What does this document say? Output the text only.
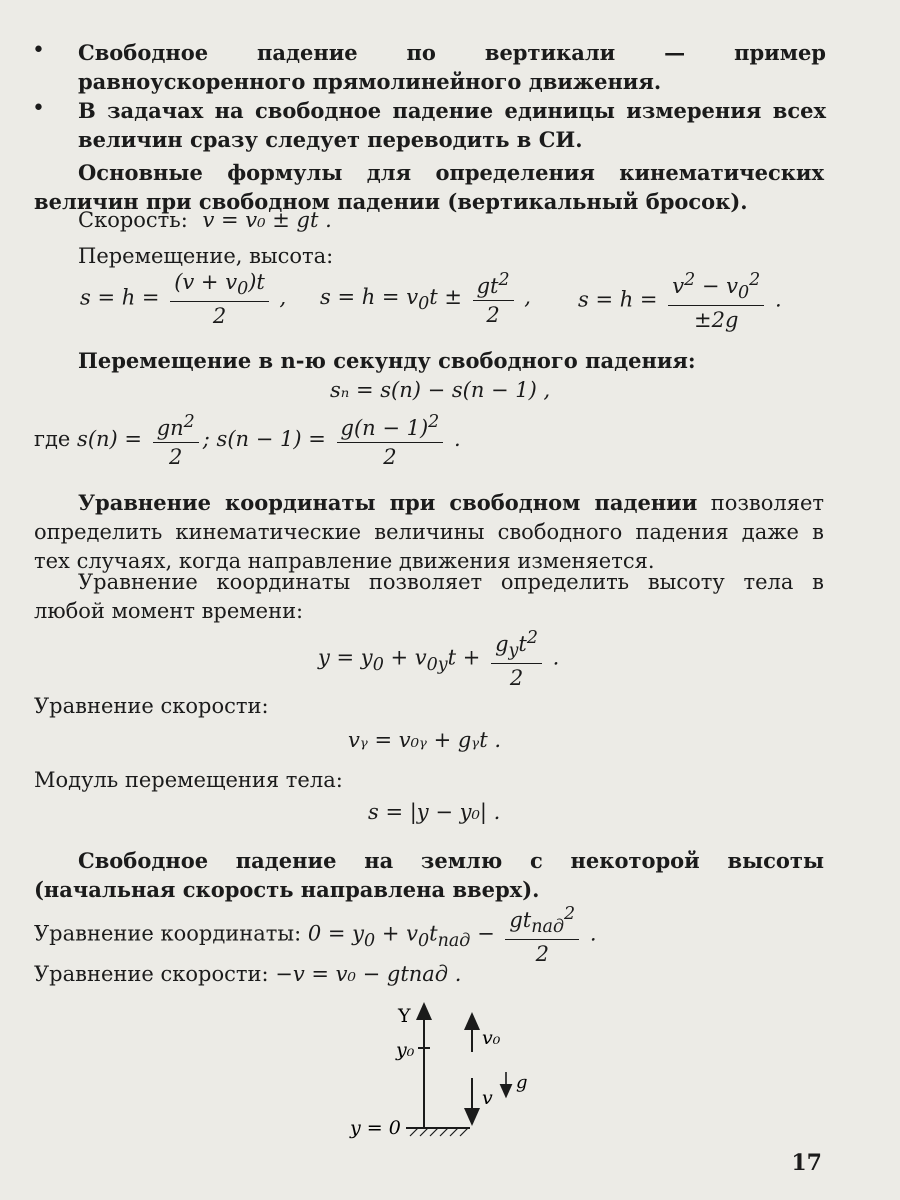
• Свободное падение по вертикали — пример равноускоренного прямолинейного движения.
• В задачах на свободное падение единицы измерения всех величин сразу следует переводить в СИ.
Основные формулы для определения кинематических величин при свободном падении (вертикальный бросок).
Скорость: v = v₀ ± gt .
Перемещение, высота:
$s = h = \frac{(v + v_0)t}{2}$ , $s = h = v_0t \pm \frac{gt^2}{2}$ , $s = h = \frac{v^2 - v_0^2}{\pm 2g}$ .
Перемещение в n-ю секунду свободного падения:
sₙ = s(n) − s(n − 1) ,
где $s(n) = \frac{gn^2}{2}$ ; $s(n - 1) = \frac{g(n - 1)^2}{2}$ .
Уравнение координаты при свободном падении позволяет определить кинематические величины свободного падения даже в тех случаях, когда направление движения изменяется.
Уравнение координаты позволяет определить высоту тела в любой момент времени:
$y = y_0 + v_{0y}t + \frac{g_yt^2}{2}$ .
Уравнение скорости:
vᵧ = v₀ᵧ + gᵧt .
Модуль перемещения тела:
s = |y − y₀| .
Свободное падение на землю с некоторой высоты (начальная скорость направлена вверх).
Уравнение координаты: $0 = y_0 + v_0t_{пад} - \frac{gt_{пад}^2}{2}$ .
Уравнение скорости: −v = v₀ − gtпад .
Y
y₀
v₀
g
v
y = 0
17
